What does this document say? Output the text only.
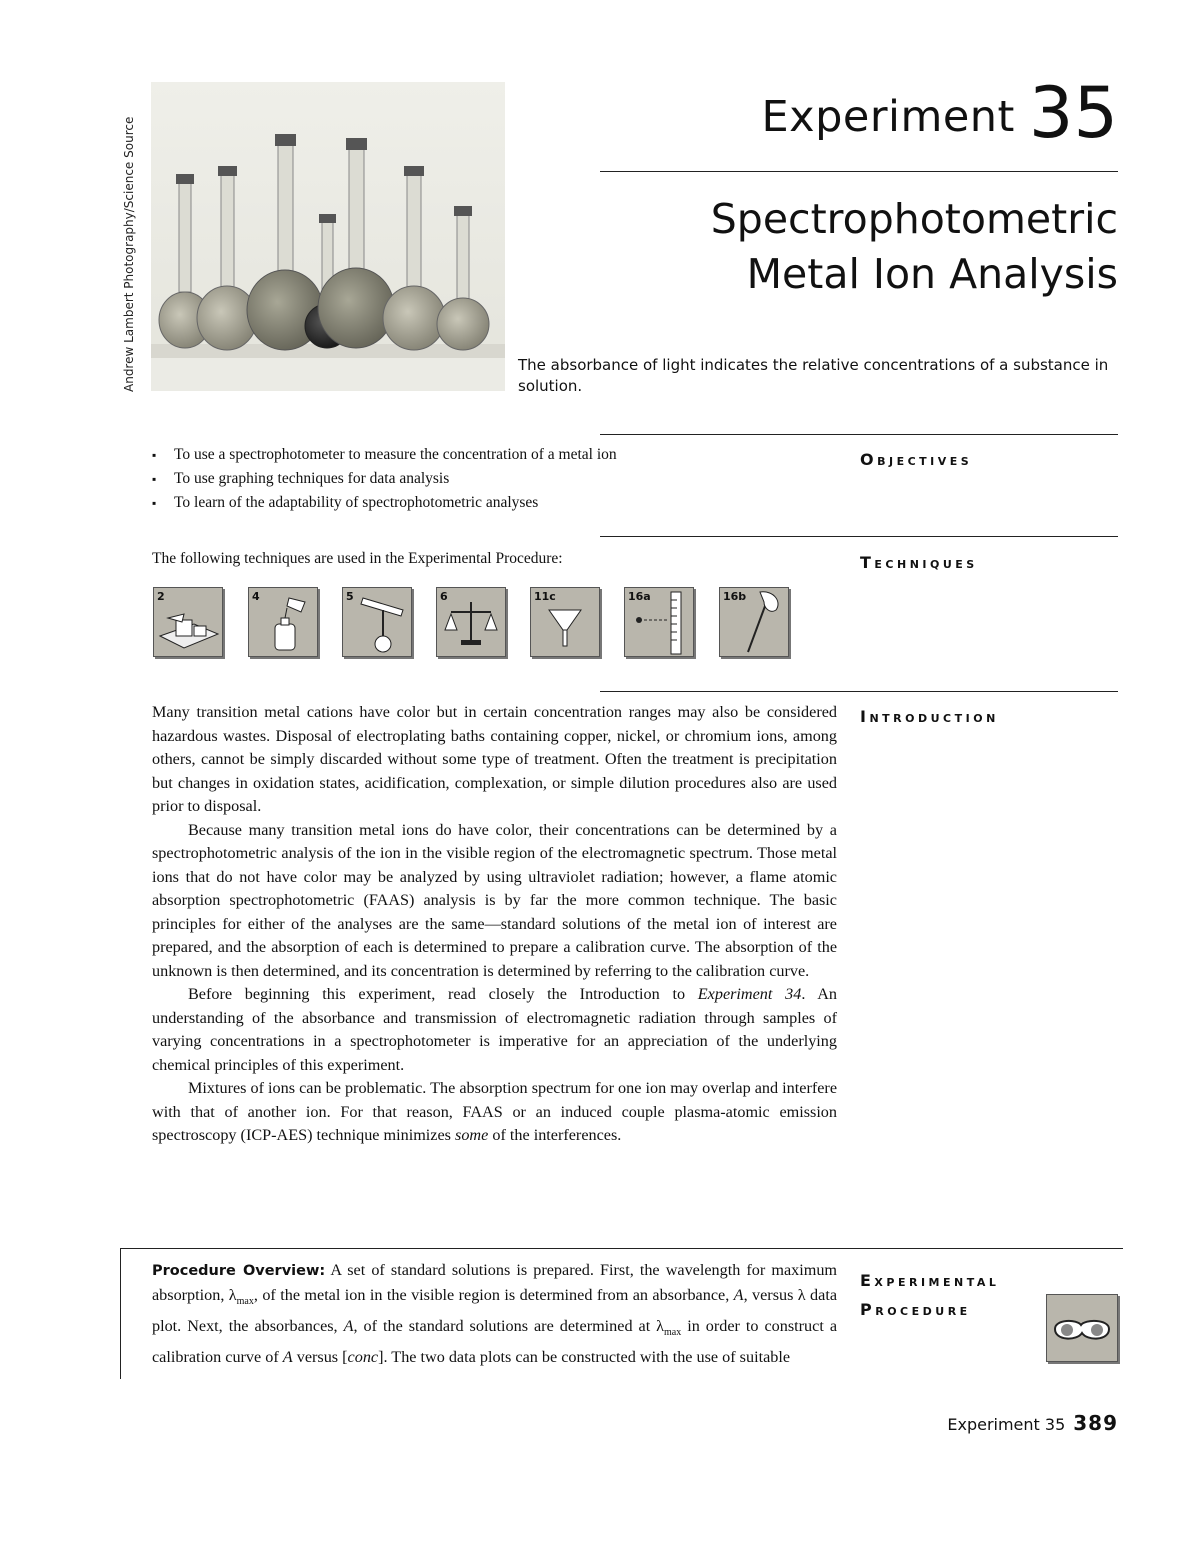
Andrew Lambert Photography/Science Source	Experiment 35
Spectrophotometric
Metal Ion Analysis
The absorbance of light indicates the relative concentrations of a substance in solution.
Objectives
▪ To use a spectrophotometer to measure the concentration of a metal ion
▪ To use graphing techniques for data analysis
▪ To learn of the adaptability of spectrophotometric analyses
Techniques
The following techniques are used in the Experimental Procedure:
2	4	5	6	11c	16a	16b
Introduction

Many transition metal cations have color but in certain concentration ranges may also be considered hazardous wastes. Disposal of electroplating baths containing copper, nickel, or chromium ions, among others, cannot be simply discarded without some type of treatment. Often the treatment is precipitation but changes in oxidation states, acidification, complexation, or simple dilution procedures also are used prior to disposal.

Because many transition metal ions do have color, their concentrations can be determined by a spectrophotometric analysis of the ion in the visible region of the electromagnetic spectrum. Those metal ions that do not have color may be analyzed by using ultraviolet radiation; however, a flame atomic absorption spectrophotometric (FAAS) analysis is by far the more common technique. The basic principles for either of the analyses are the same—standard solutions of the metal ion of interest are prepared, and the absorption of each is determined to prepare a calibration curve. The absorption of the unknown is then determined, and its concentration is determined by referring to the calibration curve.

Before beginning this experiment, read closely the Introduction to Experiment 34. An understanding of the absorbance and transmission of electromagnetic radiation through samples of varying concentrations in a spectrophotometer is imperative for an appreciation of the underlying chemical principles of this experiment.

Mixtures of ions can be problematic. The absorption spectrum for one ion may overlap and interfere with that of another ion. For that reason, FAAS or an induced couple plasma-atomic emission spectroscopy (ICP-AES) technique minimizes some of the interferences.

Experimental
Procedure
Procedure Overview: A set of standard solutions is prepared. First, the wavelength for maximum absorption, $\lambda_{max}$, of the metal ion in the visible region is determined from an absorbance, A, versus λ data plot. Next, the absorbances, A, of the standard solutions are determined at $\lambda_{max}$ in order to construct a calibration curve of A versus [conc]. The two data plots can be constructed with the use of suitable
Experiment 35 389
